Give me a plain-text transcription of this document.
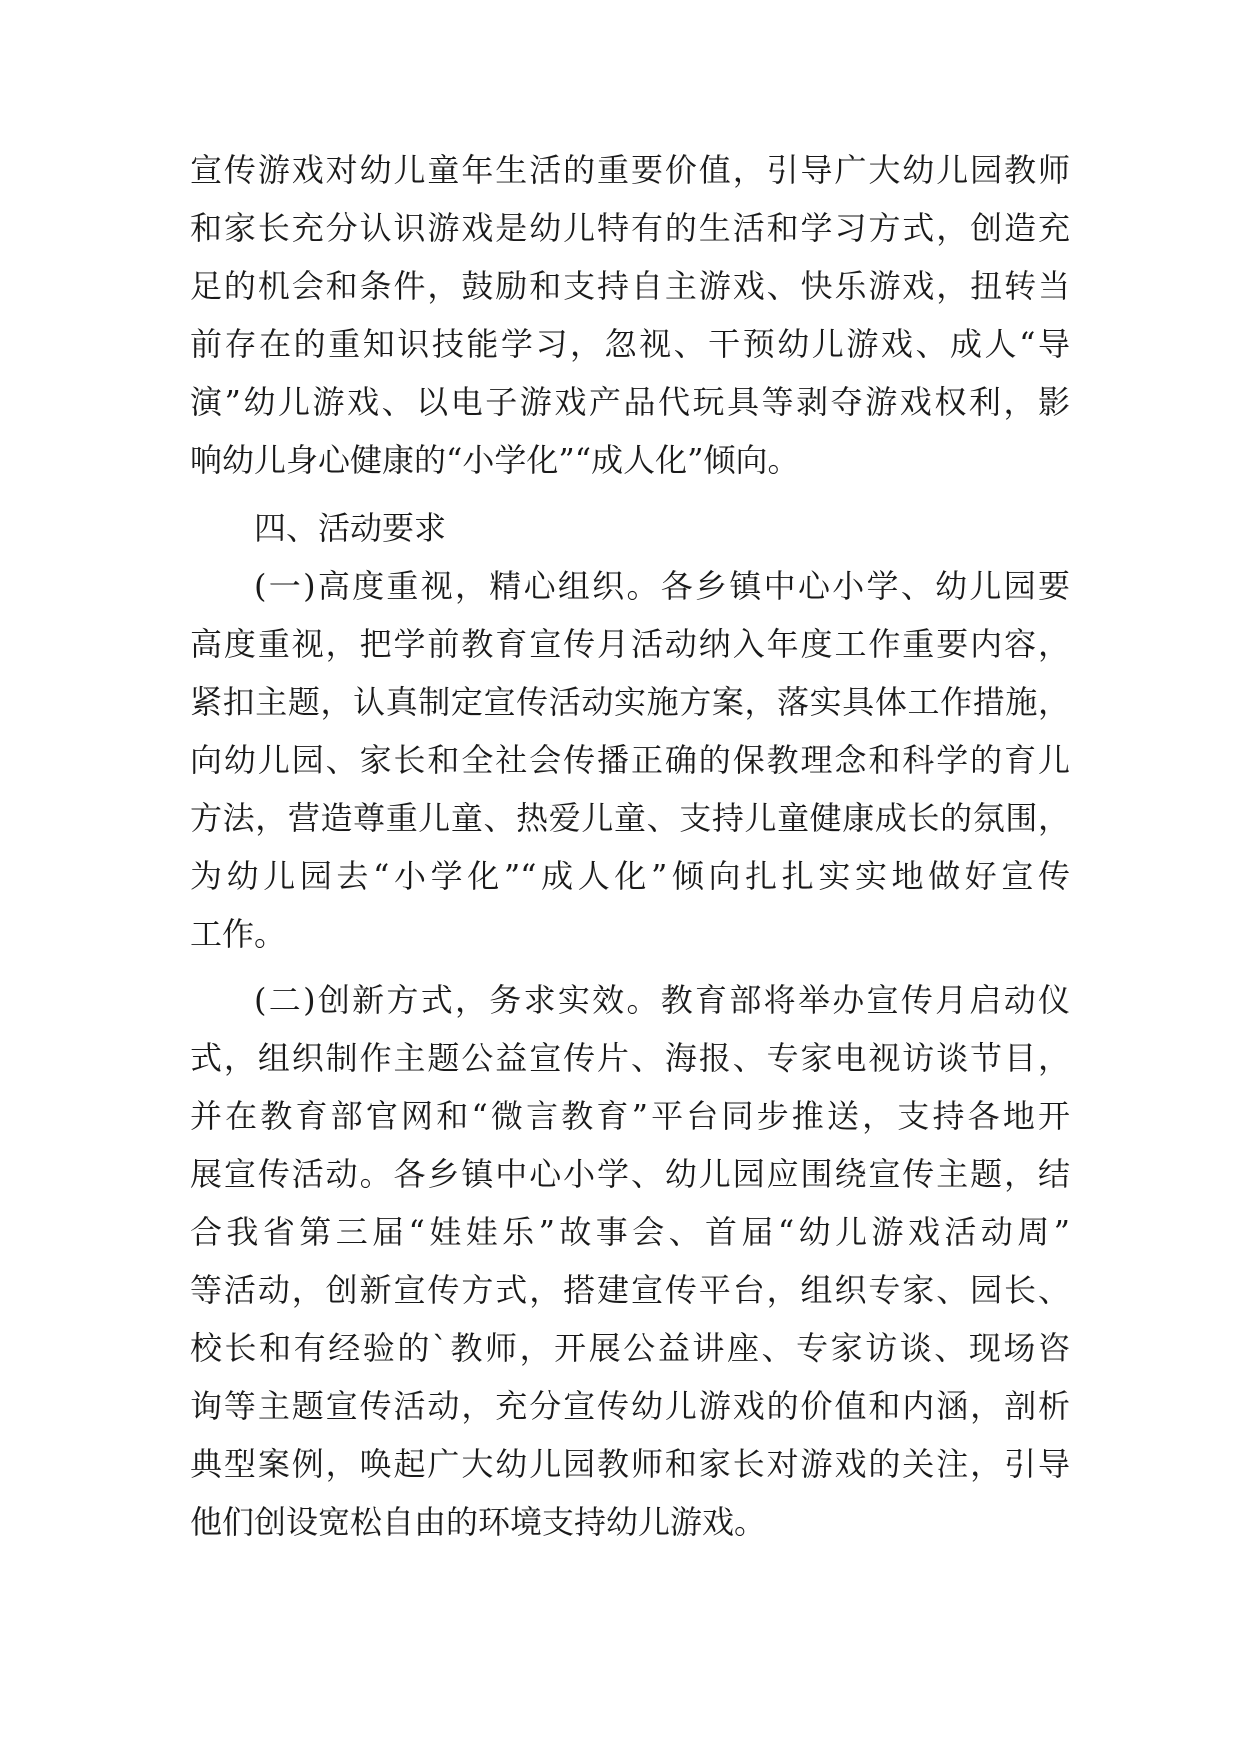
宣传游戏对幼儿童年生活的重要价值，引导广大幼儿园教师
和家长充分认识游戏是幼儿特有的生活和学习方式，创造充
足的机会和条件，鼓励和支持自主游戏、快乐游戏，扭转当
前存在的重知识技能学习，忽视、干预幼儿游戏、成人“导
演”幼儿游戏、以电子游戏产品代玩具等剥夺游戏权利，影
响幼儿身心健康的“小学化”“成人化”倾向。
四、活动要求
(一)高度重视，精心组织。各乡镇中心小学、幼儿园要
高度重视，把学前教育宣传月活动纳入年度工作重要内容，
紧扣主题，认真制定宣传活动实施方案，落实具体工作措施，
向幼儿园、家长和全社会传播正确的保教理念和科学的育儿
方法，营造尊重儿童、热爱儿童、支持儿童健康成长的氛围，
为幼儿园去“小学化”“成人化”倾向扎扎实实地做好宣传
工作。
(二)创新方式，务求实效。教育部将举办宣传月启动仪
式，组织制作主题公益宣传片、海报、专家电视访谈节目，
并在教育部官网和“微言教育”平台同步推送，支持各地开
展宣传活动。各乡镇中心小学、幼儿园应围绕宣传主题，结
合我省第三届“娃娃乐”故事会、首届“幼儿游戏活动周”
等活动，创新宣传方式，搭建宣传平台，组织专家、园长、
校长和有经验的`教师，开展公益讲座、专家访谈、现场咨
询等主题宣传活动，充分宣传幼儿游戏的价值和内涵，剖析
典型案例，唤起广大幼儿园教师和家长对游戏的关注，引导
他们创设宽松自由的环境支持幼儿游戏。
